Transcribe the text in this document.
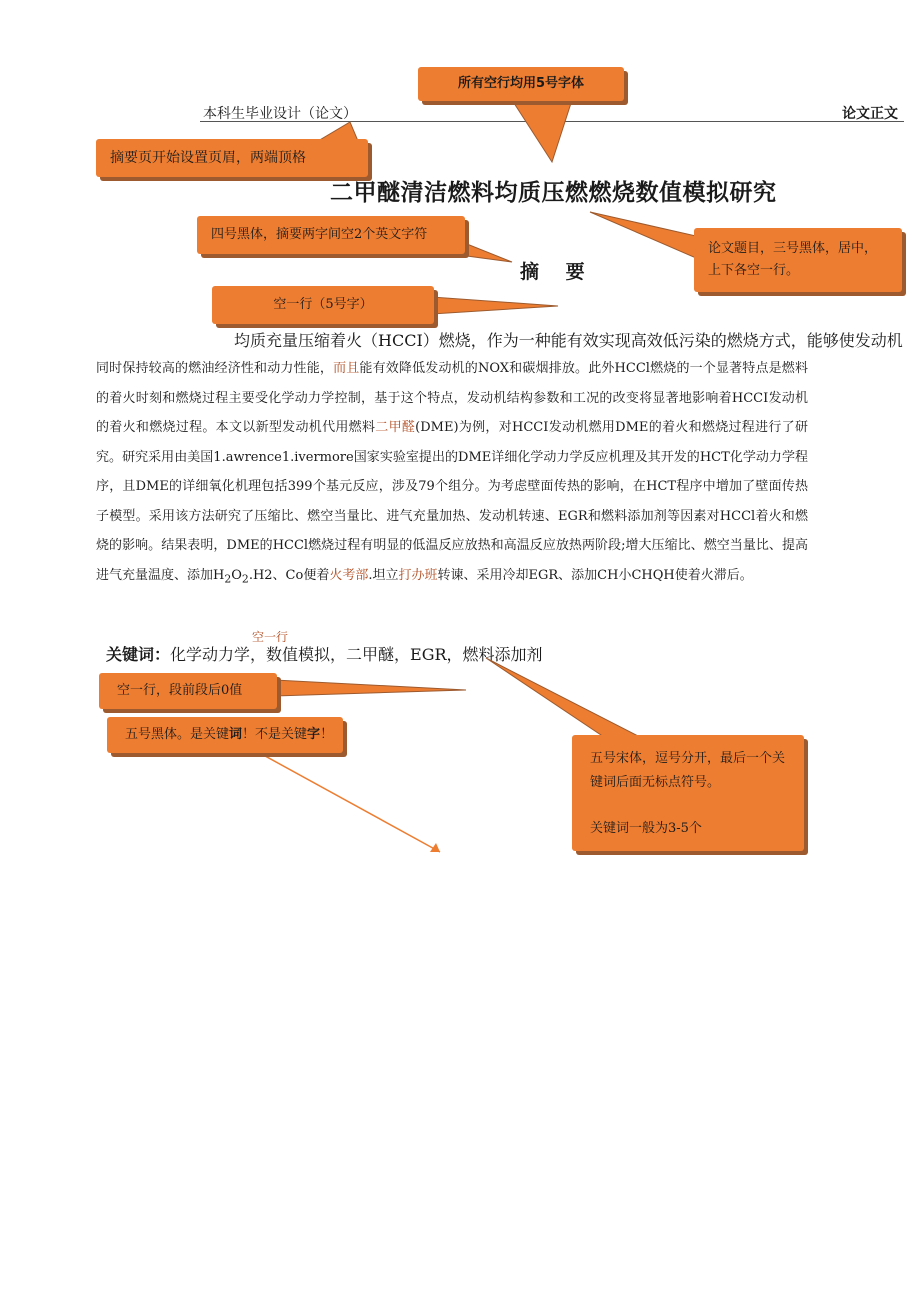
本科生毕业设计（论文）	论文正文
二甲醚清洁燃料均质压燃燃烧数值模拟研究
摘 要
均质充量压缩着火（HCCI）燃烧，作为一种能有效实现高效低污染的燃烧方式，能够使发动机

同时保持较高的燃油经济性和动力性能，而且能有效降低发动机的NOX和碳烟排放。此外HCCl燃烧的一个显著特点是燃料的着火时刻和燃烧过程主要受化学动力学控制，基于这个特点，发动机结构参数和工况的改变将显著地影响着HCCI发动机的着火和燃烧过程。本文以新型发动机代用燃料二甲醛(DME)为例，对HCCI发动机燃用DME的着火和燃烧过程进行了研究。研究采用由美国1.awrence1.ivermore国家实验室提出的DME详细化学动力学反应机理及其开发的HCT化学动力学程序，且DME的详细氧化机理包括399个基元反应，涉及79个组分。为考虑壁面传热的影响，在HCT程序中增加了壁面传热子模型。采用该方法研究了压缩比、燃空当量比、进气充量加热、发动机转速、EGR和燃料添加剂等因素对HCCl着火和燃烧的影响。结果表明，DME的HCCl燃烧过程有明显的低温反应放热和高温反应放热两阶段;增大压缩比、燃空当量比、提高进气充量温度、添加$H_2O_2.H2$、Co便着火考部.坦立打办班转谏、采用冷却EGR、添加CH小CHQH使着火滞后。

空一行
关键词：化学动力学，数值模拟，二甲醚，EGR，燃料添加剂
所有空行均用5号字体
摘要页开始设置页眉，两端顶格
四号黑体，摘要两字间空2个英文字符
论文题目，三号黑体，居中，
上下各空一行。
空一行（5号字）
空一行，段前段后0值
五号黑体。是关键词！不是关键字！

五号宋体，逗号分开，最后一个关键词后面无标点符号。

关键词一般为3-5个
